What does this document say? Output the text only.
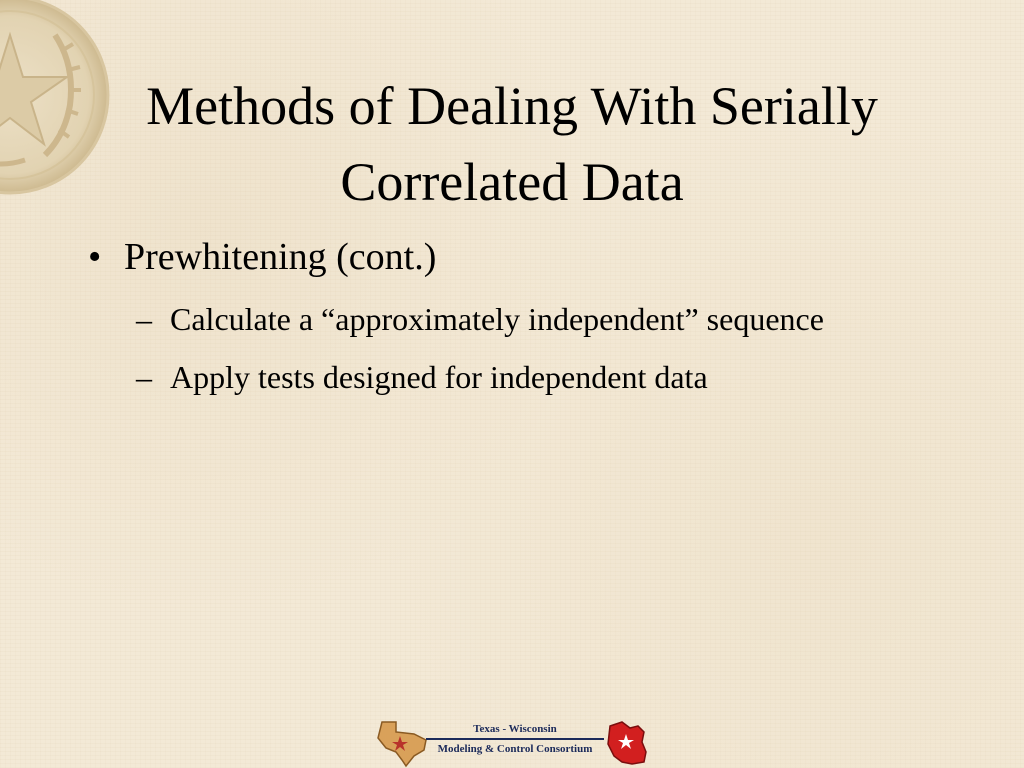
Methods of Dealing With Serially
Correlated Data
• Prewhitening (cont.)
– Calculate a “approximately independent” sequence
– Apply tests designed for independent data
Texas - Wisconsin
Modeling & Control Consortium
